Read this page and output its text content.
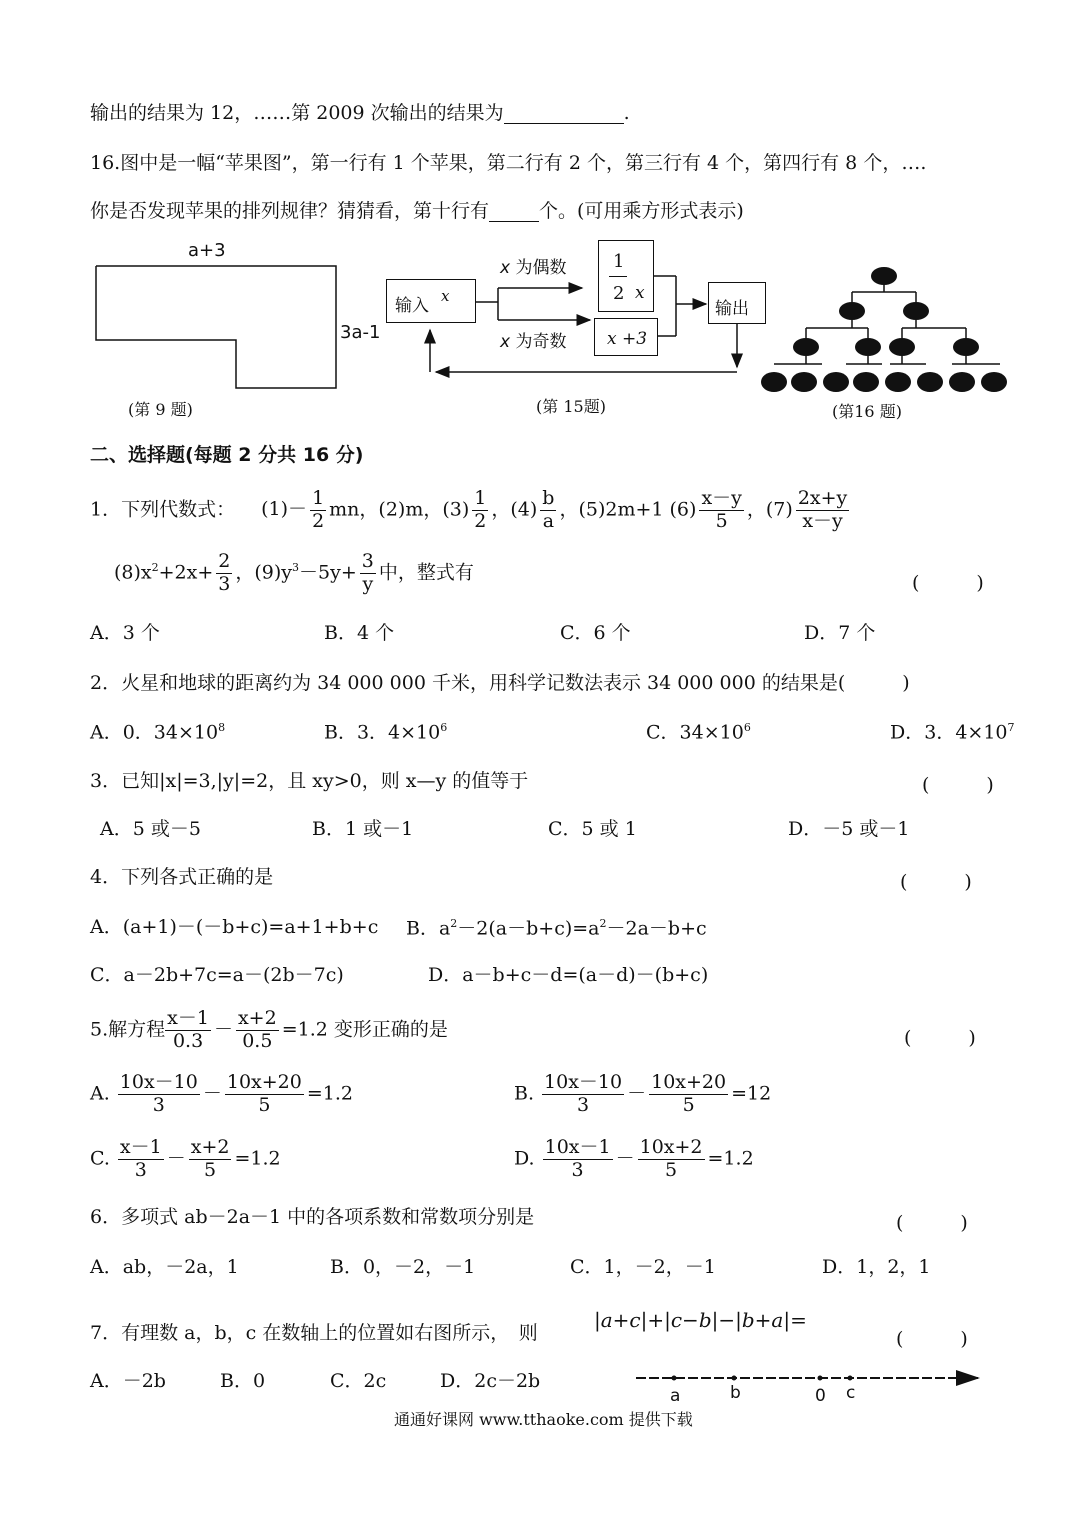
输出的结果为 12，……第 2009 次输出的结果为	.
16.图中是一幅“苹果图”，第一行有 1 个苹果，第二行有 2 个，第三行有 4 个，第四行有 8 个，….
你是否发现苹果的排列规律？猜猜看，第十行有	个。(可用乘方形式表示)
a+3
3a-1
(第 9 题)
输入 x
x 为偶数
x 为奇数
1
2 x
x +3
输出
(第 15题)	(第16 题)
二、选择题(每题 2 分共 16 分)
1．下列代数式： $(1)- \frac{1}{2}$ mn，(2)m，$(3) \frac{1}{2}$ ，$(4) \frac{b}{a}$ ，(5)2m+1 $(6) \frac{x-y}{5}$ ，$(7) \frac{2x+y}{x-y}$
$(8)x^2+2x+ \frac{2}{3}$ ，$(9)y^3-5y+ \frac{3}{y}$ 中，整式有	(　　　)
A．3 个	B．4 个	C．6 个	D．7 个
2．火星和地球的距离约为 34 000 000 千米，用科学记数法表示 34 000 000 的结果是(　　　)
A．0．$34\times 10^8$	B．3．$4\times 10^6$	C．$34\times 10^6$	D．3．$4\times 10^7$
3．已知|x|=3,|y|=2，且 xy>0，则 x—y 的值等于	(　　　)
A．5 或－5	B．1 或－1	C．5 或 1	D．－5 或－1
4．下列各式正确的是	(　　　)
A．(a+1)－(－b+c)=a+1+b+c B．$a^2-2(a-b+c)=a^2-2a-b+c$
C．a－2b+7c=a－(2b－7c)	D．a－b+c－d=(a－d)－(b+c)
5.解方程 $\frac{x-1}{0.3} - \frac{x+2}{0.5} =1.2$ 变形正确的是	(　　　)
A. $\frac{10x-10}{3} - \frac{10x+20}{5} =1.2$	B. $\frac{10x-10}{3} - \frac{10x+20}{5} =12$
C. $\frac{x-1}{3} - \frac{x+2}{5} =1.2$	D. $\frac{10x-1}{3} - \frac{10x+2}{5} =1.2$
6．多项式 ab－2a－1 中的各项系数和常数项分别是	(　　　)
A．ab，－2a，1	B．0，－2，－1	C．1，－2，－1	D．1，2，1
7．有理数 a，b，c 在数轴上的位置如右图所示，　则
|a+c|+|c−b|−|b+a|=
(　　　)
A．－2b	B．0	C．2c	D．2c－2b
a	b	0 c
通通好课网 www.tthaoke.com 提供下载
